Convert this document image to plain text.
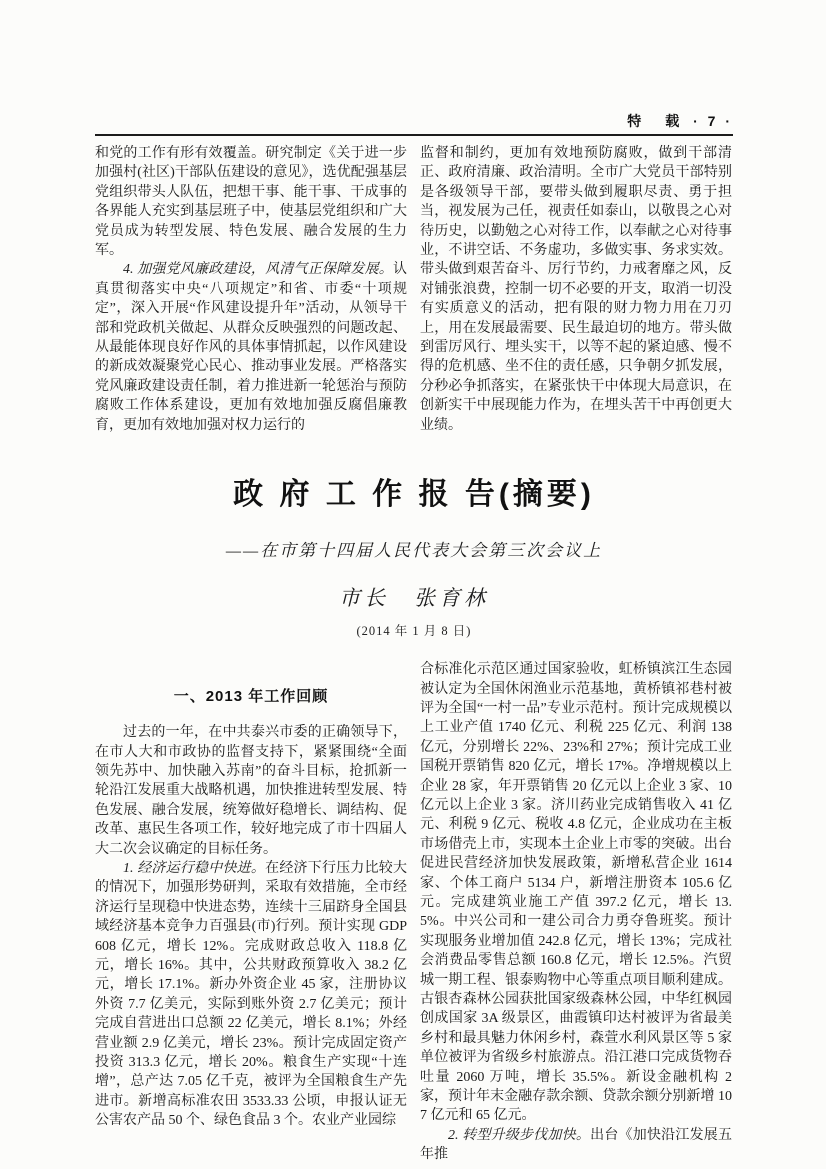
特　载 · 7 ·

和党的工作有形有效覆盖。研究制定《关于进一步加强村(社区)干部队伍建设的意见》，选优配强基层党组织带头人队伍，把想干事、能干事、干成事的各界能人充实到基层班子中，使基层党组织和广大党员成为转型发展、特色发展、融合发展的生力军。

4. 加强党风廉政建设，风清气正保障发展。认真贯彻落实中央“八项规定”和省、市委“十项规定”，深入开展“作风建设提升年”活动，从领导干部和党政机关做起、从群众反映强烈的问题改起、从最能体现良好作风的具体事情抓起，以作风建设的新成效凝聚党心民心、推动事业发展。严格落实党风廉政建设责任制，着力推进新一轮惩治与预防腐败工作体系建设，更加有效地加强反腐倡廉教育，更加有效地加强对权力运行的

监督和制约，更加有效地预防腐败，做到干部清正、政府清廉、政治清明。全市广大党员干部特别是各级领导干部，要带头做到履职尽责、勇于担当，视发展为己任，视责任如泰山，以敬畏之心对待历史，以勤勉之心对待工作，以奉献之心对待事业，不讲空话、不务虚功，多做实事、务求实效。带头做到艰苦奋斗、厉行节约，力戒奢靡之风，反对铺张浪费，控制一切不必要的开支，取消一切没有实质意义的活动，把有限的财力物力用在刀刃上，用在发展最需要、民生最迫切的地方。带头做到雷厉风行、埋头实干，以等不起的紧迫感、慢不得的危机感、坐不住的责任感，只争朝夕抓发展，分秒必争抓落实，在紧张快干中体现大局意识，在创新实干中展现能力作为，在埋头苦干中再创更大业绩。

政 府 工 作 报 告(摘要)
——在市第十四届人民代表大会第三次会议上
市长　张育林
(2014 年 1 月 8 日)
一、2013 年工作回顾

过去的一年，在中共泰兴市委的正确领导下，在市人大和市政协的监督支持下，紧紧围绕“全面领先苏中、加快融入苏南”的奋斗目标，抢抓新一轮沿江发展重大战略机遇，加快推进转型发展、特色发展、融合发展，统筹做好稳增长、调结构、促改革、惠民生各项工作，较好地完成了市十四届人大二次会议确定的目标任务。

1. 经济运行稳中快进。在经济下行压力比较大的情况下，加强形势研判，采取有效措施，全市经济运行呈现稳中快进态势，连续十三届跻身全国县域经济基本竞争力百强县(市)行列。预计实现 GDP 608 亿元，增长 12%。完成财政总收入 118.8 亿元，增长 16%。其中，公共财政预算收入 38.2 亿元，增长 17.1%。新办外资企业 45 家，注册协议外资 7.7 亿美元，实际到账外资 2.7 亿美元；预计完成自营进出口总额 22 亿美元，增长 8.1%；外经营业额 2.9 亿美元，增长 23%。预计完成固定资产投资 313.3 亿元，增长 20%。粮食生产实现“十连增”，总产达 7.05 亿千克，被评为全国粮食生产先进市。新增高标准农田 3533.33 公顷，申报认证无公害农产品 50 个、绿色食品 3 个。农业产业园综

合标准化示范区通过国家验收，虹桥镇滨江生态园被认定为全国休闲渔业示范基地，黄桥镇祁巷村被评为全国“一村一品”专业示范村。预计完成规模以上工业产值 1740 亿元、利税 225 亿元、利润 138 亿元，分别增长 22%、23%和 27%；预计完成工业国税开票销售 820 亿元，增长 17%。净增规模以上企业 28 家，年开票销售 20 亿元以上企业 3 家、10 亿元以上企业 3 家。济川药业完成销售收入 41 亿元、利税 9 亿元、税收 4.8 亿元，企业成功在主板市场借壳上市，实现本土企业上市零的突破。出台促进民营经济加快发展政策，新增私营企业 1614 家、个体工商户 5134 户，新增注册资本 105.6 亿元。完成建筑业施工产值 397.2 亿元，增长 13.5%。中兴公司和一建公司合力勇夺鲁班奖。预计实现服务业增加值 242.8 亿元，增长 13%；完成社会消费品零售总额 160.8 亿元，增长 12.5%。汽贸城一期工程、银泰购物中心等重点项目顺利建成。古银杏森林公园获批国家级森林公园，中华红枫园创成国家 3A 级景区，曲霞镇印达村被评为省最美乡村和最具魅力休闲乡村，森萱水利风景区等 5 家单位被评为省级乡村旅游点。沿江港口完成货物吞吐量 2060 万吨，增长 35.5%。新设金融机构 2 家，预计年末金融存款余额、贷款余额分别新增 107 亿元和 65 亿元。

2. 转型升级步伐加快。出台《加快沿江发展五年推
